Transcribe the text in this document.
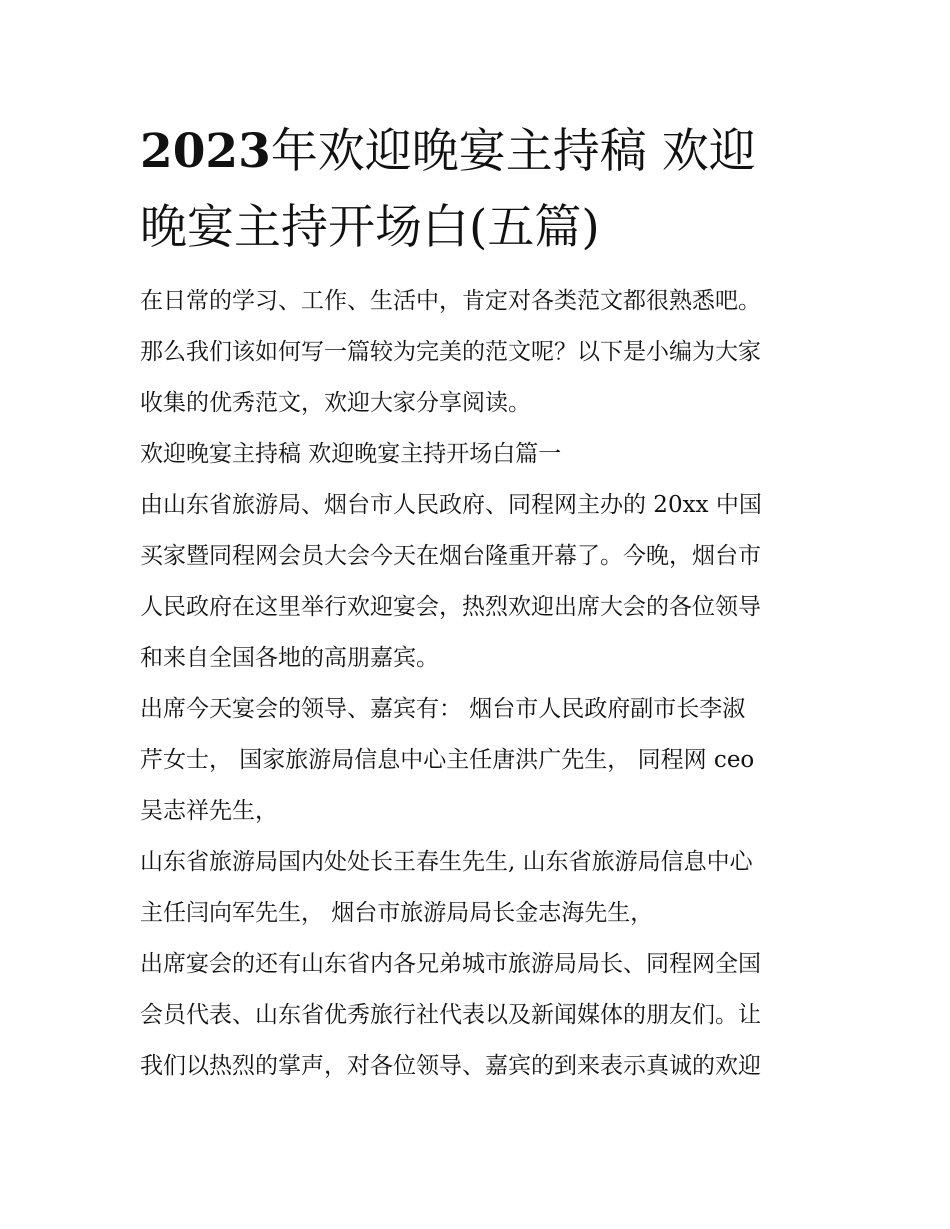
2023年欢迎晚宴主持稿 欢迎
晚宴主持开场白(五篇)
在日常的学习、工作、生活中，肯定对各类范文都很熟悉吧。
那么我们该如何写一篇较为完美的范文呢？以下是小编为大家
收集的优秀范文，欢迎大家分享阅读。
欢迎晚宴主持稿 欢迎晚宴主持开场白篇一
由山东省旅游局、烟台市人民政府、同程网主办的 20xx 中国
买家暨同程网会员大会今天在烟台隆重开幕了。今晚，烟台市
人民政府在这里举行欢迎宴会，热烈欢迎出席大会的各位领导
和来自全国各地的高朋嘉宾。
出席今天宴会的领导、嘉宾有： 烟台市人民政府副市长李淑
芹女士， 国家旅游局信息中心主任唐洪广先生， 同程网 ceo
吴志祥先生，
山东省旅游局国内处处长王春生先生, 山东省旅游局信息中心
主任闫向军先生， 烟台市旅游局局长金志海先生，
出席宴会的还有山东省内各兄弟城市旅游局局长、同程网全国
会员代表、山东省优秀旅行社代表以及新闻媒体的朋友们。让
我们以热烈的掌声，对各位领导、嘉宾的到来表示真诚的欢迎
